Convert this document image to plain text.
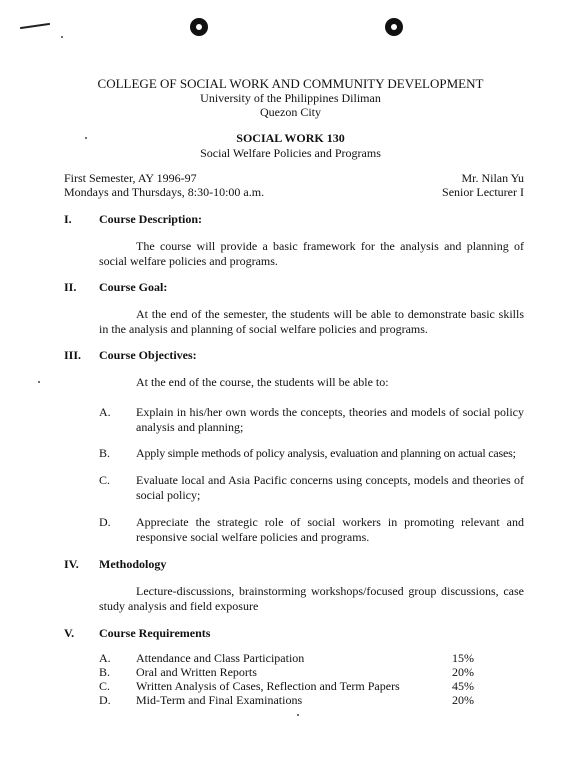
COLLEGE OF SOCIAL WORK AND COMMUNITY DEVELOPMENT
University of the Philippines Diliman
Quezon City
SOCIAL WORK 130
Social Welfare Policies and Programs
First Semester, AY 1996-97
Mondays and Thursdays, 8:30-10:00 a.m.
Mr. Nilan Yu
Senior Lecturer I
I. Course Description:
The course will provide a basic framework for the analysis and planning of social welfare policies and programs.
II. Course Goal:
At the end of the semester, the students will be able to demonstrate basic skills in the analysis and planning of social welfare policies and programs.
III. Course Objectives:
At the end of the course, the students will be able to:
A. Explain in his/her own words the concepts, theories and models of social policy analysis and planning;
B. Apply simple methods of policy analysis, evaluation and planning on actual cases;
C. Evaluate local and Asia Pacific concerns using concepts, models and theories of social policy;
D. Appreciate the strategic role of social workers in promoting relevant and responsive social welfare policies and programs.
IV. Methodology
Lecture-discussions, brainstorming workshops/focused group discussions, case study analysis and field exposure
V. Course Requirements
A. Attendance and Class Participation	15%
B. Oral and Written Reports	20%
C. Written Analysis of Cases, Reflection and Term Papers	45%
D. Mid-Term and Final Examinations	20%
